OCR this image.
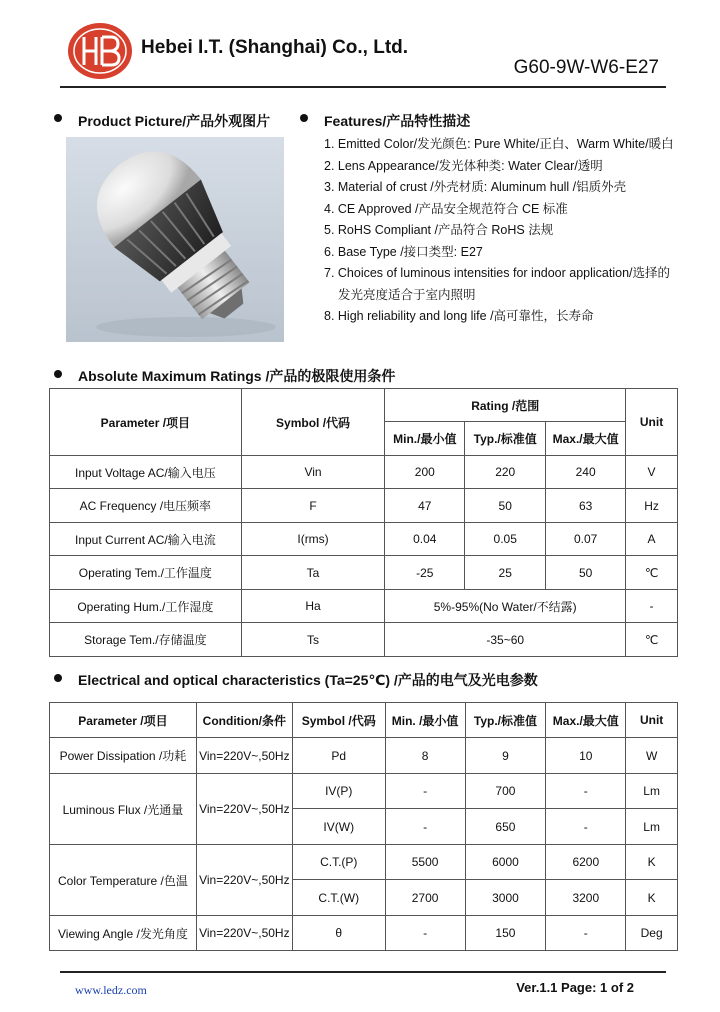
Hebei I.T. (Shanghai) Co., Ltd.
G60-9W-W6-E27
Product Picture/产品外观图片	Features/产品特性描述
1. Emitted Color/发光颜色: Pure White/正白、Warm White/暖白
2. Lens Appearance/发光体种类: Water Clear/透明
3. Material of crust /外壳材质: Aluminum hull /铝质外壳
4. CE Approved /产品安全规范符合 CE 标准
5. RoHS Compliant /产品符合 RoHS 法规
6. Base Type /接口类型: E27
7. Choices of luminous intensities for indoor application/选择的发光亮度适合于室内照明
8. High reliability and long life /高可靠性，长寿命
Absolute Maximum Ratings /产品的极限使用条件
Parameter /项目	Symbol /代码	Rating /范围			Unit
		Min./最小值	Typ./标准值	Max./最大值	
Input Voltage AC/输入电压	Vin	200	220	240	V
AC Frequency /电压频率	F	47	50	63	Hz
Input Current AC/输入电流	I(rms)	0.04	0.05	0.07	A
Operating Tem./工作温度	Ta	-25	25	50	℃
Operating Hum./工作湿度	Ha	5%-95%(No Water/不结露)			-
Storage Tem./存储温度	Ts	-35~60			℃
Electrical and optical characteristics (Ta=25℃) /产品的电气及光电参数
Parameter /项目	Condition/条件	Symbol /代码	Min. /最小值	Typ./标准值	Max./最大值	Unit
Power Dissipation /功耗	Vin=220V~,50Hz	Pd	8	9	10	W
Luminous Flux /光通量	Vin=220V~,50Hz	IV(P)	-	700	-	Lm
		IV(W)	-	650	-	Lm
Color Temperature /色温	Vin=220V~,50Hz	C.T.(P)	5500	6000	6200	K
		C.T.(W)	2700	3000	3200	K
Viewing Angle /发光角度	Vin=220V~,50Hz	θ	-	150	-	Deg
www.ledz.com	Ver.1.1 Page: 1 of 2
